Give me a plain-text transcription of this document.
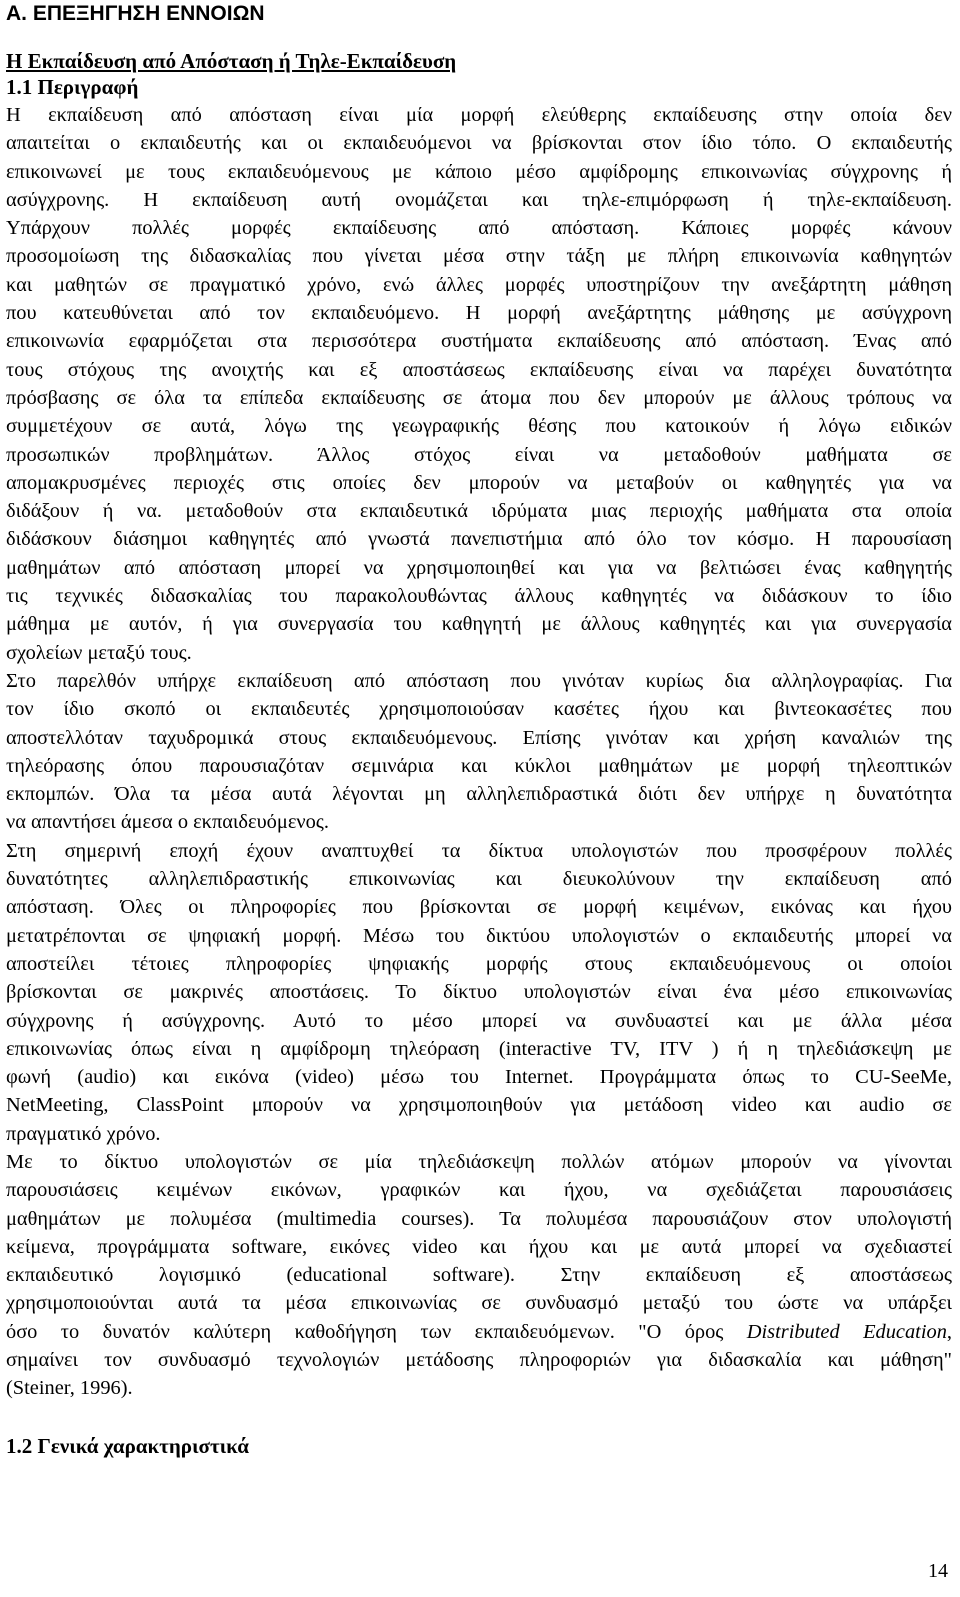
Α. ΕΠΕΞΗΓΗΣΗ ΕΝΝΟΙΩΝ
Η Εκπαίδευση από Απόσταση ή Τηλε-Εκπαίδευση
1.1 Περιγραφή

Η εκπαίδευση από απόσταση είναι μία μορφή ελεύθερης εκπαίδευσης στην οποία δεν
απαιτείται ο εκπαιδευτής και οι εκπαιδευόμενοι να βρίσκονται στον ίδιο τόπο. Ο εκπαιδευτής
επικοινωνεί με τους εκπαιδευόμενους με κάποιο μέσο αμφίδρομης επικοινωνίας σύγχρονης ή
ασύγχρονης. Η εκπαίδευση αυτή ονομάζεται και τηλε-επιμόρφωση ή τηλε-εκπαίδευση.
Υπάρχουν πολλές μορφές εκπαίδευσης από απόσταση. Κάποιες μορφές κάνουν
προσομοίωση της διδασκαλίας που γίνεται μέσα στην τάξη με πλήρη επικοινωνία καθηγητών
και μαθητών σε πραγματικό χρόνο, ενώ άλλες μορφές υποστηρίζουν την ανεξάρτητη μάθηση
που κατευθύνεται από τον εκπαιδευόμενο. Η μορφή ανεξάρτητης μάθησης με ασύγχρονη
επικοινωνία εφαρμόζεται στα περισσότερα συστήματα εκπαίδευσης από απόσταση. Ένας από
τους στόχους της ανοιχτής και εξ αποστάσεως εκπαίδευσης είναι να παρέχει δυνατότητα
πρόσβασης σε όλα τα επίπεδα εκπαίδευσης σε άτομα που δεν μπορούν με άλλους τρόπους να
συμμετέχουν σε αυτά, λόγω της γεωγραφικής θέσης που κατοικούν ή λόγω ειδικών
προσωπικών προβλημάτων. Άλλος στόχος είναι να μεταδοθούν μαθήματα σε
απομακρυσμένες περιοχές στις οποίες δεν μπορούν να μεταβούν οι καθηγητές για να
διδάξουν ή να. μεταδοθούν στα εκπαιδευτικά ιδρύματα μιας περιοχής μαθήματα στα οποία
διδάσκουν διάσημοι καθηγητές από γνωστά πανεπιστήμια από όλο τον κόσμο. Η παρουσίαση
μαθημάτων από απόσταση μπορεί να χρησιμοποιηθεί και για να βελτιώσει ένας καθηγητής
τις τεχνικές διδασκαλίας του παρακολουθώντας άλλους καθηγητές να διδάσκουν το ίδιο
μάθημα με αυτόν, ή για συνεργασία του καθηγητή με άλλους καθηγητές και για συνεργασία
σχολείων μεταξύ τους.

Στο παρελθόν υπήρχε εκπαίδευση από απόσταση που γινόταν κυρίως δια αλληλογραφίας. Για
τον ίδιο σκοπό οι εκπαιδευτές χρησιμοποιούσαν κασέτες ήχου και βιντεοκασέτες που
αποστελλόταν ταχυδρομικά στους εκπαιδευόμενους. Επίσης γινόταν και χρήση καναλιών της
τηλεόρασης όπου παρουσιαζόταν σεμινάρια και κύκλοι μαθημάτων με μορφή τηλεοπτικών
εκπομπών. Όλα τα μέσα αυτά λέγονται μη αλληλεπιδραστικά διότι δεν υπήρχε η δυνατότητα
να απαντήσει άμεσα ο εκπαιδευόμενος.

Στη σημερινή εποχή έχουν αναπτυχθεί τα δίκτυα υπολογιστών που προσφέρουν πολλές
δυνατότητες αλληλεπιδραστικής επικοινωνίας και διευκολύνουν την εκπαίδευση από
απόσταση. Όλες οι πληροφορίες που βρίσκονται σε μορφή κειμένων, εικόνας και ήχου
μετατρέπονται σε ψηφιακή μορφή. Μέσω του δικτύου υπολογιστών ο εκπαιδευτής μπορεί να
αποστείλει τέτοιες πληροφορίες ψηφιακής μορφής στους εκπαιδευόμενους οι οποίοι
βρίσκονται σε μακρινές αποστάσεις. Το δίκτυο υπολογιστών είναι ένα μέσο επικοινωνίας
σύγχρονης ή ασύγχρονης. Αυτό το μέσο μπορεί να συνδυαστεί και με άλλα μέσα
επικοινωνίας όπως είναι η αμφίδρομη τηλεόραση (interactive TV, ITV ) ή η τηλεδιάσκεψη με
φωνή (audio) και εικόνα (video) μέσω του Internet. Προγράμματα όπως το CU-SeeMe,
NetMeeting, ClassPoint μπορούν να χρησιμοποιηθούν για μετάδοση video και audio σε
πραγματικό χρόνο.

Με το δίκτυο υπολογιστών σε μία τηλεδιάσκεψη πολλών ατόμων μπορούν να γίνονται
παρουσιάσεις κειμένων εικόνων, γραφικών και ήχου, να σχεδιάζεται παρουσιάσεις
μαθημάτων με πολυμέσα (multimedia courses). Τα πολυμέσα παρουσιάζουν στον υπολογιστή
κείμενα, προγράμματα software, εικόνες video και ήχου και με αυτά μπορεί να σχεδιαστεί
εκπαιδευτικό λογισμικό (educational software). Στην εκπαίδευση εξ αποστάσεως
χρησιμοποιούνται αυτά τα μέσα επικοινωνίας σε συνδυασμό μεταξύ του ώστε να υπάρξει
όσο το δυνατόν καλύτερη καθοδήγηση των εκπαιδευόμενων. "Ο όρος Distributed Education,
σημαίνει τον συνδυασμό τεχνολογιών μετάδοσης πληροφοριών για διδασκαλία και μάθηση"
(Steiner, 1996).

1.2 Γενικά χαρακτηριστικά
14
